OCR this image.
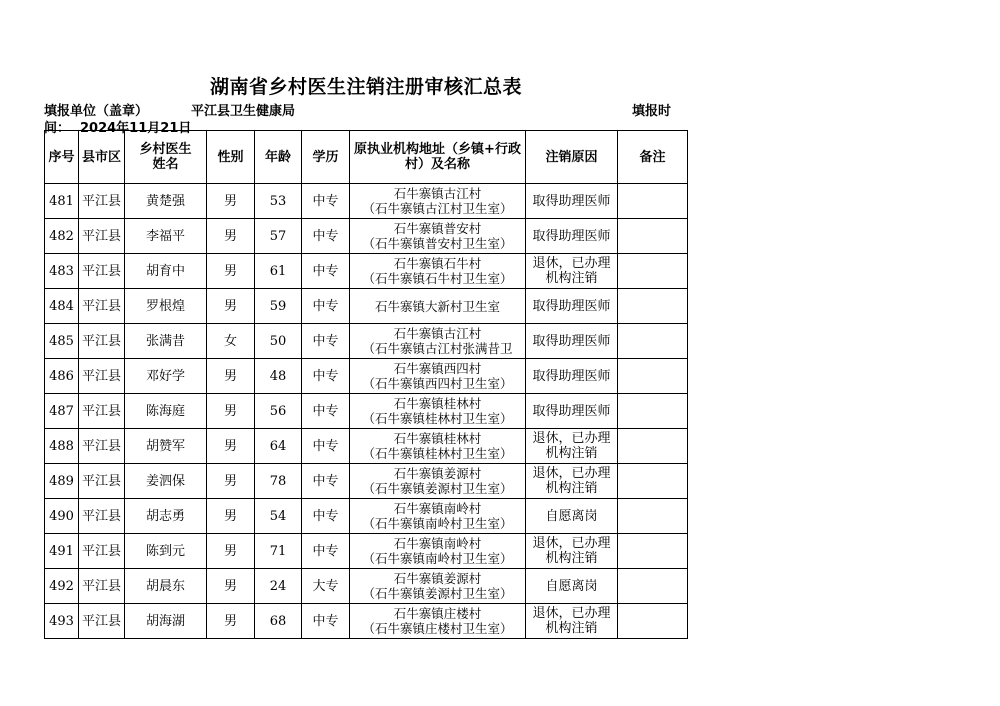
湖南省乡村医生注销注册审核汇总表
填报单位（盖章）	平江县卫生健康局	填报时
间： 2024年11月21日
序号	县市区	乡村医生姓名	性别	年龄	学历	原执业机构地址（乡镇+行政村）及名称	注销原因	备注
481	平江县	黄楚强	男	53	中专	石牛寨镇古江村
（石牛寨镇古江村卫生室）	取得助理医师	

482	平江县	李福平	男	57	中专	石牛寨镇普安村
（石牛寨镇普安村卫生室）	取得助理医师	

483	平江县	胡育中	男	61	中专	石牛寨镇石牛村
（石牛寨镇石牛村卫生室）	退休，已办理
机构注销	

484	平江县	罗根煌	男	59	中专	石牛寨镇大新村卫生室	取得助理医师	

485	平江县	张满昔	女	50	中专	石牛寨镇古江村
（石牛寨镇古江村张满昔卫	取得助理医师	

486	平江县	邓好学	男	48	中专	石牛寨镇西四村
（石牛寨镇西四村卫生室）	取得助理医师	

487	平江县	陈海庭	男	56	中专	石牛寨镇桂林村
（石牛寨镇桂林村卫生室）	取得助理医师	

488	平江县	胡赞军	男	64	中专	石牛寨镇桂林村
（石牛寨镇桂林村卫生室）	退休，已办理
机构注销	

489	平江县	姜泗保	男	78	中专	石牛寨镇姜源村
（石牛寨镇姜源村卫生室）	退休，已办理
机构注销	

490	平江县	胡志勇	男	54	中专	石牛寨镇南岭村
（石牛寨镇南岭村卫生室）	自愿离岗	

491	平江县	陈到元	男	71	中专	石牛寨镇南岭村
（石牛寨镇南岭村卫生室）	退休，已办理
机构注销	

492	平江县	胡晨东	男	24	大专	石牛寨镇姜源村
（石牛寨镇姜源村卫生室）	自愿离岗	

493	平江县	胡海湖	男	68	中专	石牛寨镇庄楼村
（石牛寨镇庄楼村卫生室）	退休，已办理
机构注销	
